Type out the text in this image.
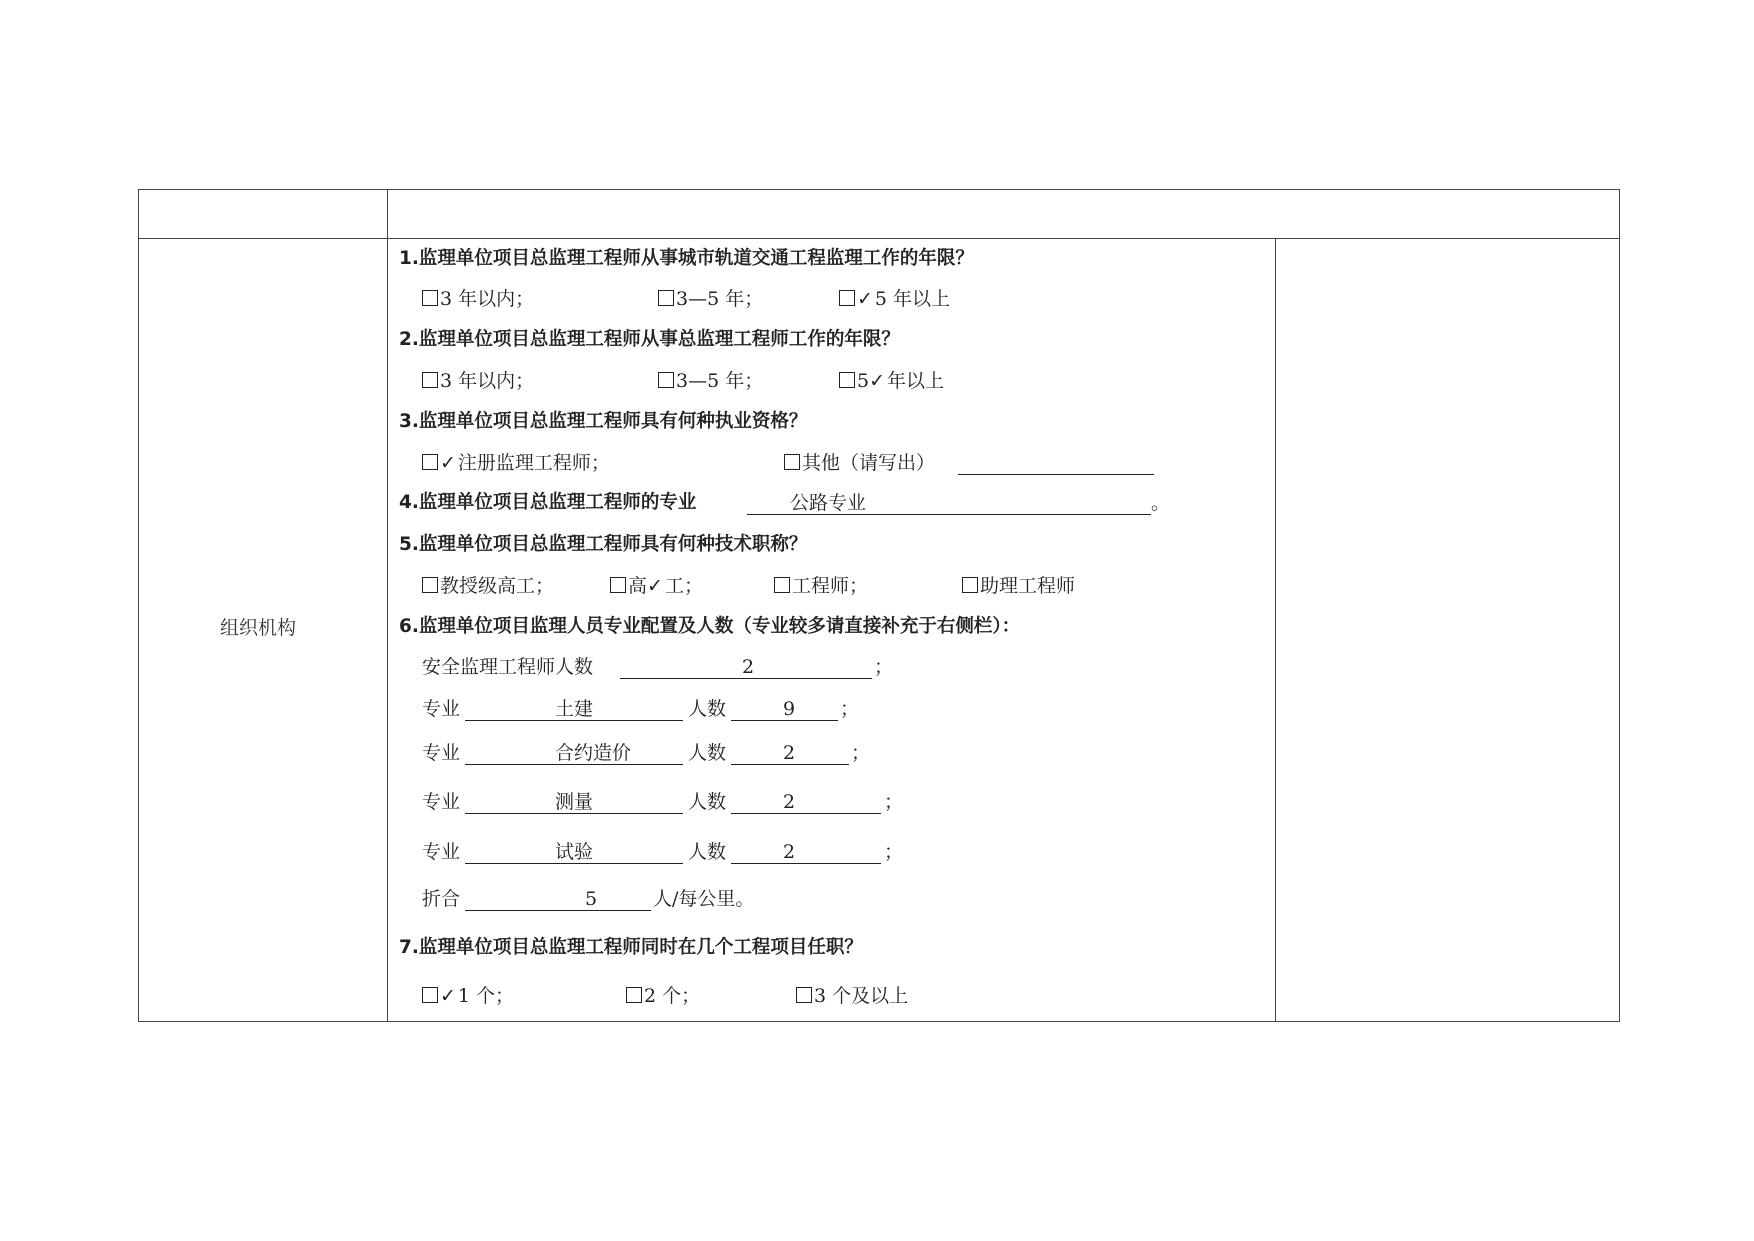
组织机构
1.监理单位项目总监理工程师从事城市轨道交通工程监理工作的年限？
3 年以内；	3—5 年；	✓ 5 年以上
2.监理单位项目总监理工程师从事总监理工程师工作的年限？
3 年以内；	3—5 年；	5✓ 年以上
3.监理单位项目总监理工程师具有何种执业资格？
✓ 注册监理工程师；	其他（请写出）
4.监理单位项目总监理工程师的专业	公路专业	。
5.监理单位项目总监理工程师具有何种技术职称？
教授级高工；	高✓ 工；	工程师；	助理工程师
6.监理单位项目监理人员专业配置及人数（专业较多请直接补充于右侧栏）：
安全监理工程师人数	2	；
专业	土建	人数	9 ；
专业	合约造价	人数	2	；
专业	测量	人数	2	；
专业	试验	人数	2	；
折合	5	人/每公里。
7.监理单位项目总监理工程师同时在几个工程项目任职？
✓ 1 个；	2 个；	3 个及以上
